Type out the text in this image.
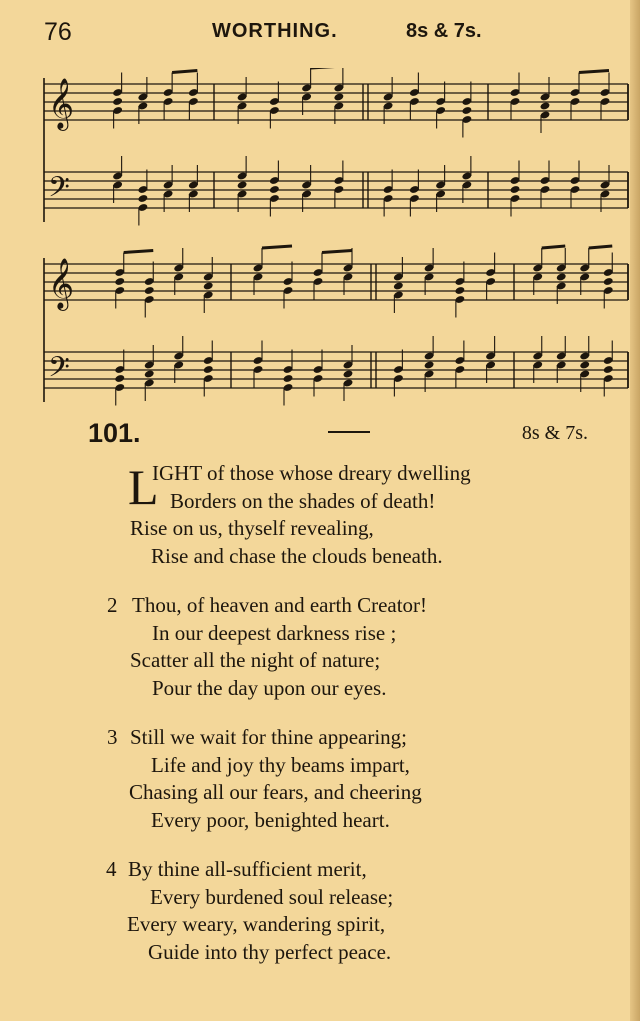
76	WORTHING.	8s & 7s.
𝄞
𝄢
𝄞
𝄢
101.	8s & 7s.
L
IGHT of those whose dreary dwelling
Borders on the shades of death!
Rise on us, thyself revealing,
Rise and chase the clouds beneath.
2 Thou, of heaven and earth Creator!
In our deepest darkness rise ;
Scatter all the night of nature;
Pour the day upon our eyes.
3 Still we wait for thine appearing;
Life and joy thy beams impart,
Chasing all our fears, and cheering
Every poor, benighted heart.
4 By thine all-sufficient merit,
Every burdened soul release;
Every weary, wandering spirit,
Guide into thy perfect peace.
